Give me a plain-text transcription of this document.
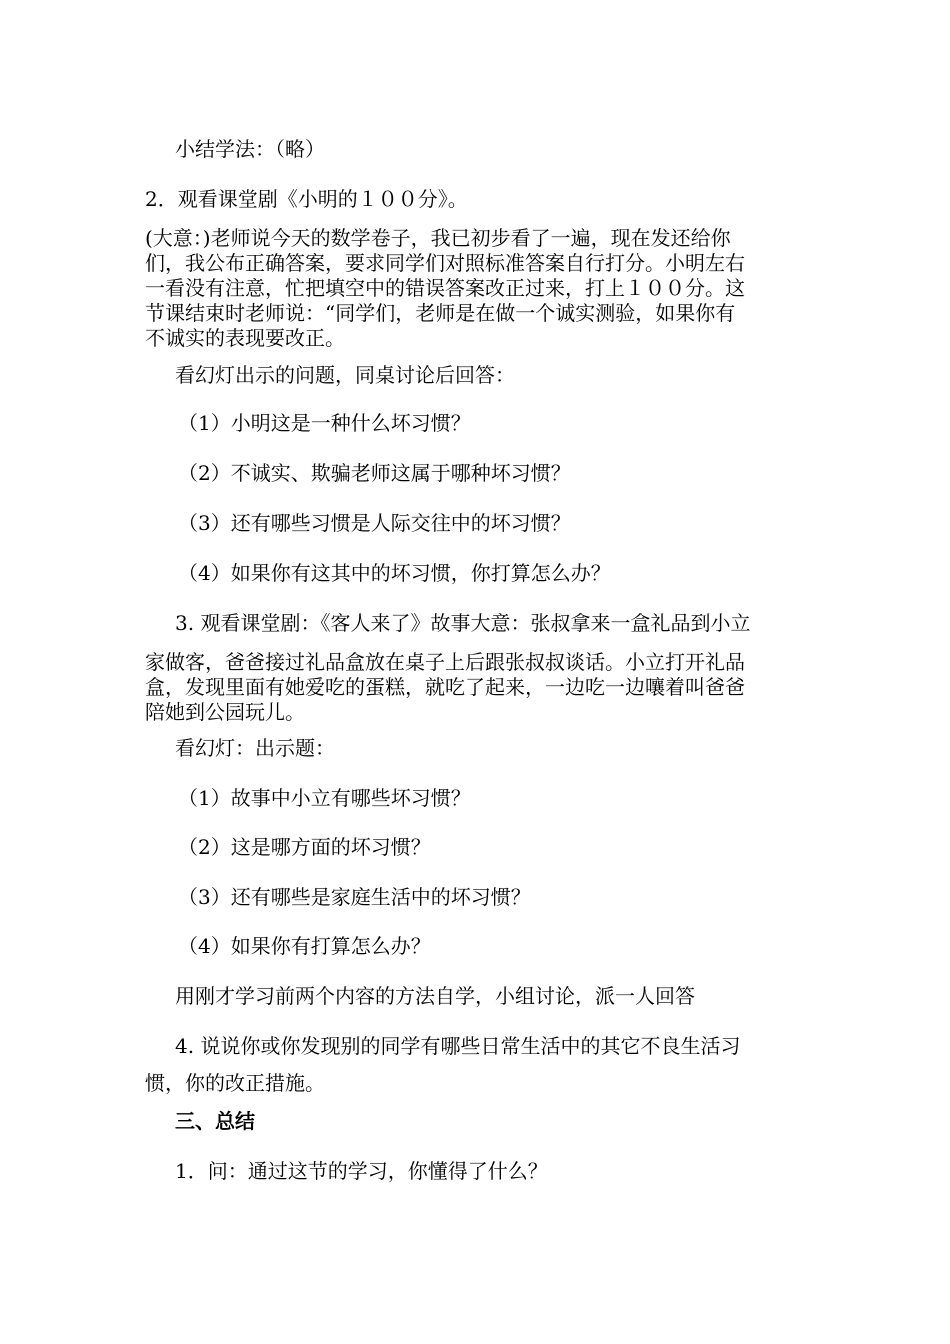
小结学法：（略）
2．观看课堂剧《小明的１００分》。
(大意：)老师说今天的数学卷子，我已初步看了一遍，现在发还给你
们，我公布正确答案，要求同学们对照标准答案自行打分。小明左右
一看没有注意，忙把填空中的错误答案改正过来，打上１００分。这
节课结束时老师说：“同学们，老师是在做一个诚实测验，如果你有
不诚实的表现要改正。
看幻灯出示的问题，同桌讨论后回答：
（1）小明这是一种什么坏习惯？
（2）不诚实、欺骗老师这属于哪种坏习惯？
（3）还有哪些习惯是人际交往中的坏习惯？
（4）如果你有这其中的坏习惯，你打算怎么办？
3. 观看课堂剧：《客人来了》故事大意：张叔拿来一盒礼品到小立
家做客，爸爸接过礼品盒放在桌子上后跟张叔叔谈话。小立打开礼品
盒，发现里面有她爱吃的蛋糕，就吃了起来，一边吃一边嚷着叫爸爸
陪她到公园玩儿。
看幻灯：出示题：
（1）故事中小立有哪些坏习惯？
（2）这是哪方面的坏习惯？
（3）还有哪些是家庭生活中的坏习惯？
（4）如果你有打算怎么办？
用刚才学习前两个内容的方法自学，小组讨论，派一人回答
4. 说说你或你发现别的同学有哪些日常生活中的其它不良生活习
惯，你的改正措施。
三、总结
1．问：通过这节的学习，你懂得了什么？
